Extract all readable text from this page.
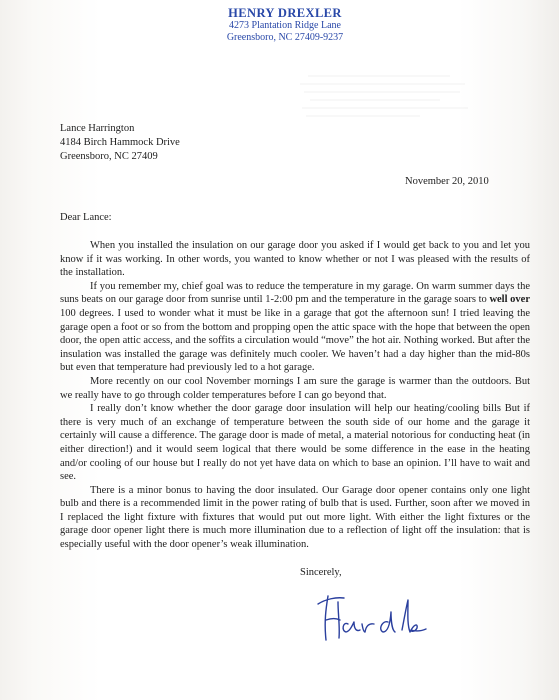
HENRY DREXLER
4273 Plantation Ridge Lane
Greensboro, NC 27409-9237
Lance Harrington
4184 Birch Hammock Drive
Greensboro, NC 27409
November 20, 2010
Dear Lance:

When you installed the insulation on our garage door you asked if I would get back to you and let you know if it was working. In other words, you wanted to know whether or not I was pleased with the results of the installation.

If you remember my, chief goal was to reduce the temperature in my garage. On warm summer days the suns beats on our garage door from sunrise until 1-2:00 pm and the temperature in the garage soars to well over 100 degrees. I used to wonder what it must be like in a garage that got the afternoon sun! I tried leaving the garage open a foot or so from the bottom and propping open the attic space with the hope that between the open door, the open attic access, and the soffits a circulation would “move” the hot air. Nothing worked. But after the insulation was installed the garage was definitely much cooler. We haven’t had a day higher than the mid-80s but even that temperature had previously led to a hot garage.

More recently on our cool November mornings I am sure the garage is warmer than the outdoors. But we really have to go through colder temperatures before I can go beyond that.

I really don’t know whether the door garage door insulation will help our heating/cooling bills But if there is very much of an exchange of temperature between the south side of our home and the garage it certainly will cause a difference. The garage door is made of metal, a material notorious for conducting heat (in either direction!) and it would seem logical that there would be some difference in the ease in the heating and/or cooling of our house but I really do not yet have data on which to base an opinion. I’ll have to wait and see.

There is a minor bonus to having the door insulated. Our Garage door opener contains only one light bulb and there is a recommended limit in the power rating of bulb that is used. Further, soon after we moved in I replaced the light fixture with fixtures that would put out more light. With either the light fixtures or the garage door opener light there is much more illumination due to a reflection of light off the insulation: that is especially useful with the door opener’s weak illumination.

Sincerely,
